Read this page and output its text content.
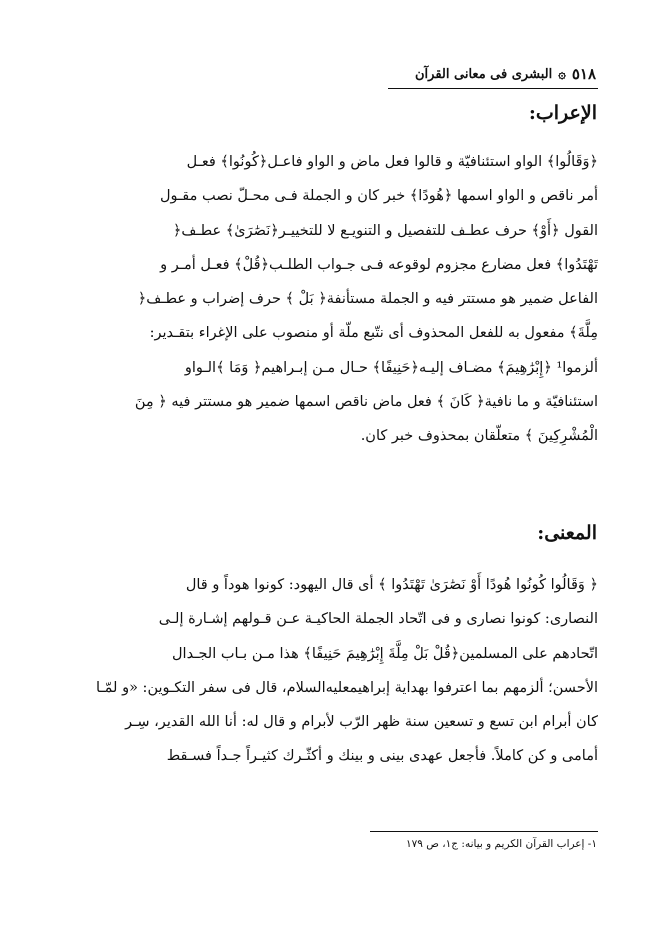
٥١٨
۞
البشری فی معانی القرآن
الإعراب:
﴿وَقَالُوا﴾ الواو استئنافيّة و قالوا فعل ماض و الواو فاعـل﴿كُونُوا﴾ فعـل
أمر ناقص و الواو اسمها ﴿هُودًا﴾ خبر كان و الجملة فـی محـلّ نصب مقـول
القول ﴿أَوْ﴾ حرف عطـف للتفصيل و التنويـع لا للتخييـر﴿نَصَٰرَىٰ﴾ عطـف﴿
تَهْتَدُوا﴾ فعل مضارع مجزوم لوقوعه فـی جـواب الطلـب﴿قُلْ﴾ فعـل أمـر و
الفاعل ضمير هو مستتر فيه و الجملة مستأنفة﴿ بَلْ ﴾ حرف إضراب و عطـف﴿
مِلَّةَ﴾ مفعول به للفعل المحذوف أی نتّبع ملّة أو منصوب علی الإغراء بتقـدير:
ألزموا¹ ﴿إِبْرَٰهِيمَ﴾ مضـاف إليـه﴿حَنِيفًا﴾ حـال مـن إبـراهيم﴿ وَمَا ﴾الـواو
استئنافيّة و ما نافية﴿ كَانَ ﴾ فعل ماض ناقص اسمها ضمير هو مستتر فيه ﴿ مِنَ
الْمُشْرِكِينَ ﴾ متعلّقان بمحذوف خبر كان.
المعنی:
﴿ وَقَالُوا كُونُوا هُودًا أَوْ نَصَٰرَىٰ تَهْتَدُوا ﴾ أی قال اليهود: كونوا هوداً و قال
النصاری: كونوا نصاری و فی اتّحاد الجملة الحاكيـة عـن قـولهم إشـارة إلـی
اتّحادهم علی المسلمين﴿قُلْ بَلْ مِلَّةَ إِبْرَٰهِيمَ حَنِيفًا﴾ هذا مـن بـاب الجـدال
الأحسن؛ ألزمهم بما اعترفوا بهداية إبراهيمعليه‌السلام، قال فی سفر التكـوين: «و لمّـا
كان أبرام ابن تسع و تسعين سنة ظهر الرّب لأبرام و قال له: أنا الله القدير، سِـر
أمامی و كن كاملاً. فأجعل عهدی بينی و بينك و أكثّـرك كثيـراً جـداً فسـقط
١- إعراب القرآن الكريم و بيانه: ج١، ص ١٧٩
